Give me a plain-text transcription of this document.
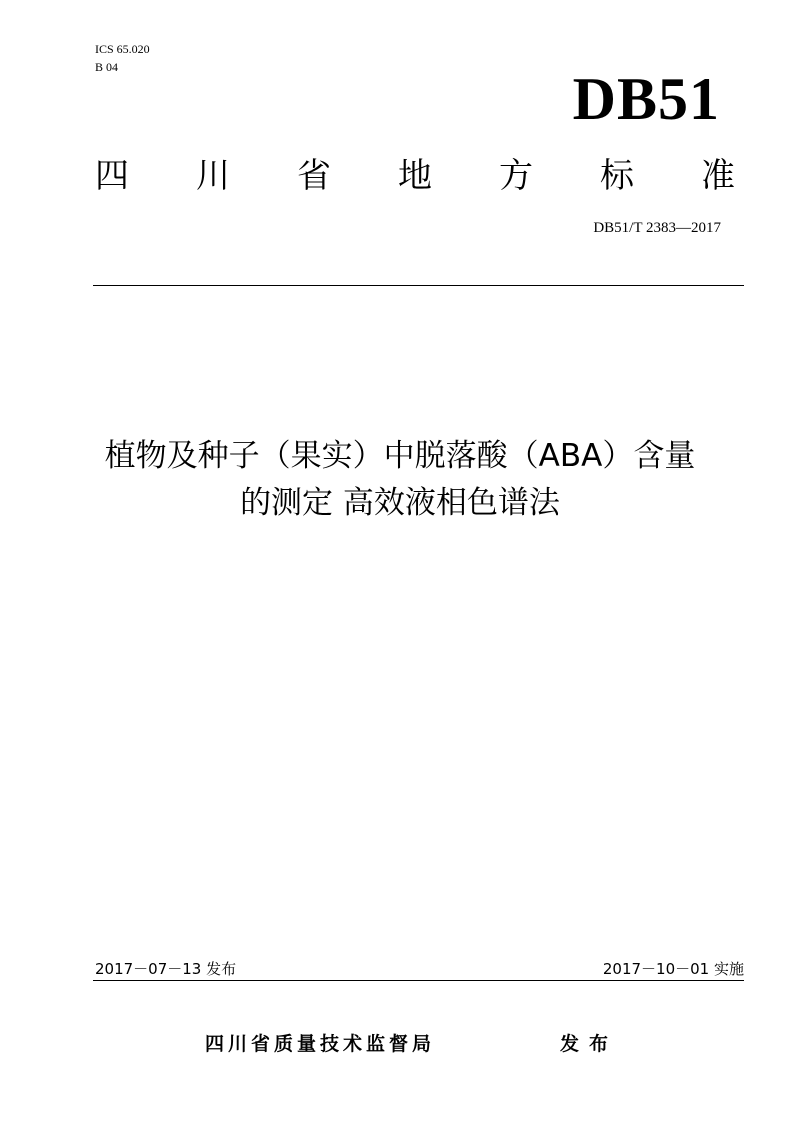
ICS 65.020
B 04	DB51
四 川 省 地 方 标 准
DB51/T 2383—2017
植物及种子（果实）中脱落酸（ABA）含量
的测定 高效液相色谱法
2017－07－13 发布	2017－10－01 实施
四川省质量技术监督局	发布
